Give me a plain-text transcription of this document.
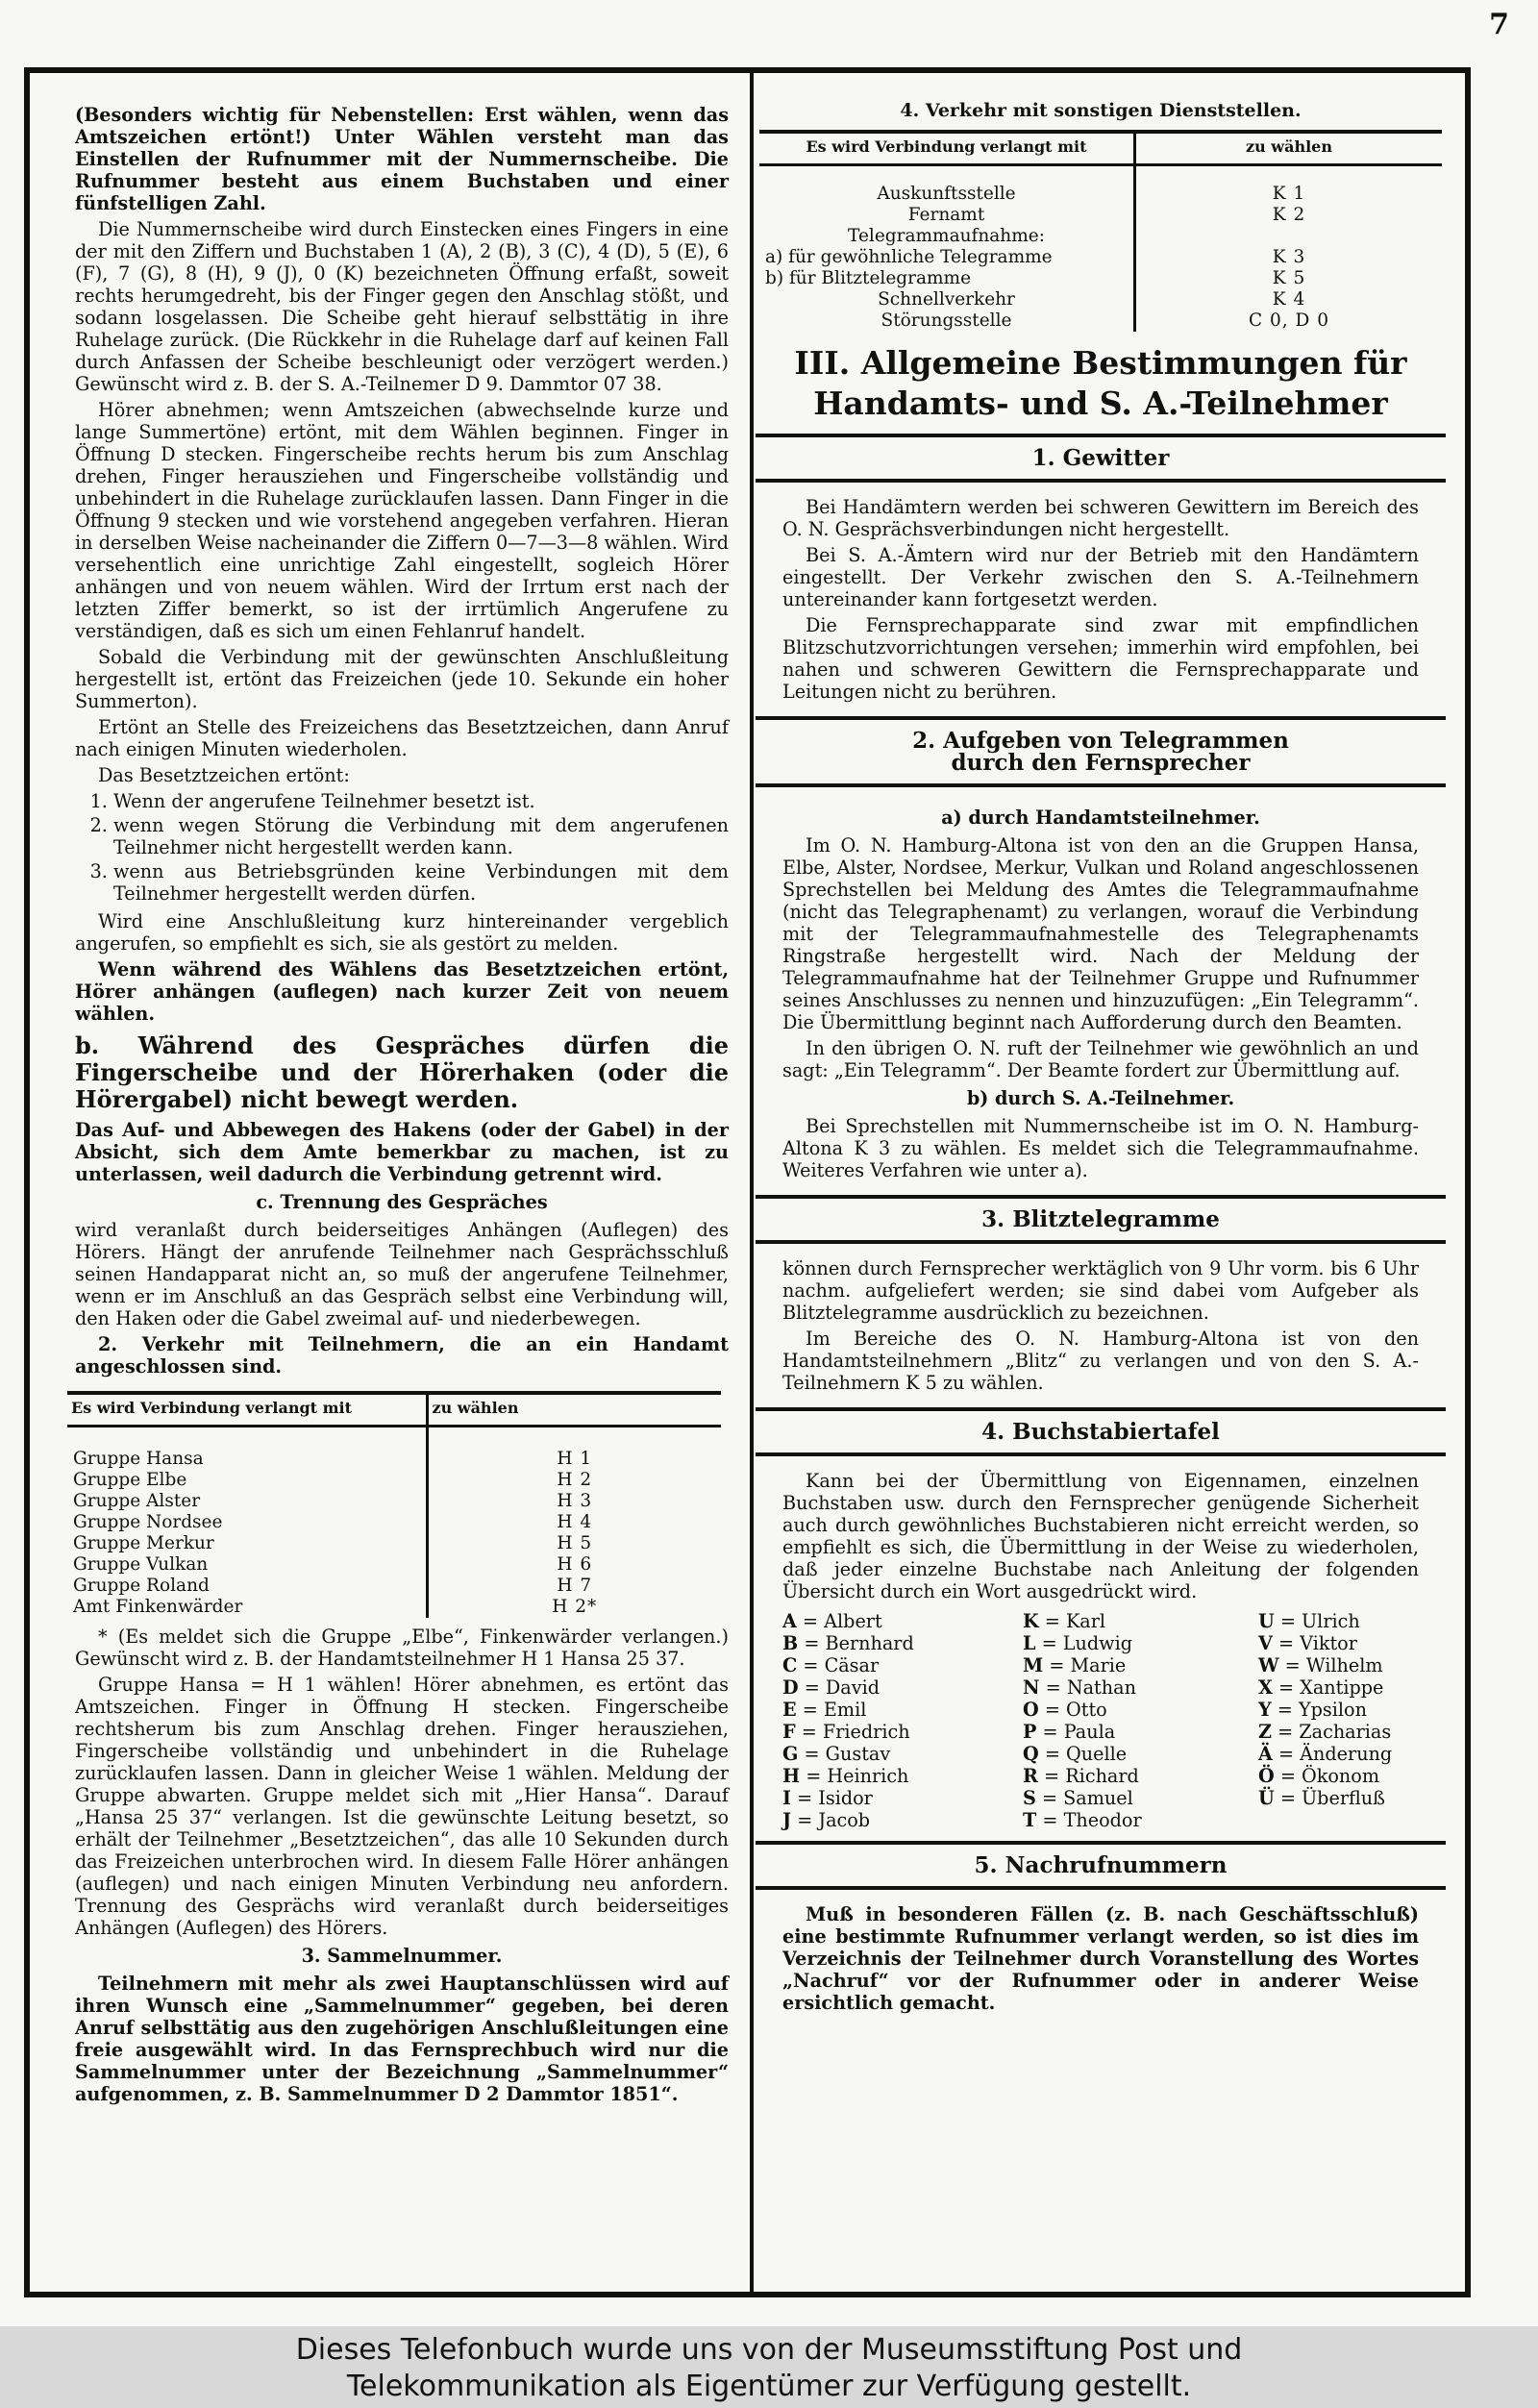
7

(Besonders wichtig für Nebenstellen: Erst wählen, wenn das Amtszeichen ertönt!) Unter Wählen versteht man das Einstellen der Rufnummer mit der Nummernscheibe. Die Rufnummer besteht aus einem Buchstaben und einer fünfstelligen Zahl.

Die Nummernscheibe wird durch Einstecken eines Fingers in eine der mit den Ziffern und Buchstaben 1 (A), 2 (B), 3 (C), 4 (D), 5 (E), 6 (F), 7 (G), 8 (H), 9 (J), 0 (K) bezeichneten Öffnung erfaßt, soweit rechts herumgedreht, bis der Finger gegen den Anschlag stößt, und sodann losgelassen. Die Scheibe geht hierauf selbsttätig in ihre Ruhelage zurück. (Die Rückkehr in die Ruhelage darf auf keinen Fall durch Anfassen der Scheibe beschleunigt oder verzögert werden.) Gewünscht wird z. B. der S. A.-Teilnemer D 9. Dammtor 07 38.

Hörer abnehmen; wenn Amtszeichen (abwechselnde kurze und lange Summertöne) ertönt, mit dem Wählen beginnen. Finger in Öffnung D stecken. Fingerscheibe rechts herum bis zum Anschlag drehen, Finger herausziehen und Fingerscheibe vollständig und unbehindert in die Ruhelage zurücklaufen lassen. Dann Finger in die Öffnung 9 stecken und wie vorstehend angegeben verfahren. Hieran in derselben Weise nacheinander die Ziffern 0—7—3—8 wählen. Wird versehentlich eine unrichtige Zahl eingestellt, sogleich Hörer anhängen und von neuem wählen. Wird der Irrtum erst nach der letzten Ziffer bemerkt, so ist der irrtümlich Angerufene zu verständigen, daß es sich um einen Fehlanruf handelt.

Sobald die Verbindung mit der gewünschten Anschlußleitung hergestellt ist, ertönt das Freizeichen (jede 10. Sekunde ein hoher Summerton).

Ertönt an Stelle des Freizeichens das Besetztzeichen, dann Anruf nach einigen Minuten wiederholen.

Das Besetztzeichen ertönt:

1. Wenn der angerufene Teilnehmer besetzt ist.
2. wenn wegen Störung die Verbindung mit dem angerufenen Teilnehmer nicht hergestellt werden kann.
3. wenn aus Betriebsgründen keine Verbindungen mit dem Teilnehmer hergestellt werden dürfen.

Wird eine Anschlußleitung kurz hintereinander vergeblich angerufen, so empfiehlt es sich, sie als gestört zu melden.

Wenn während des Wählens das Besetztzeichen ertönt, Hörer anhängen (auflegen) nach kurzer Zeit von neuem wählen.

b. Während des Gespräches dürfen die Fingerscheibe und der Hörerhaken (oder die Hörergabel) nicht bewegt werden.

Das Auf- und Abbewegen des Hakens (oder der Gabel) in der Absicht, sich dem Amte bemerkbar zu machen, ist zu unterlassen, weil dadurch die Verbindung getrennt wird.

c. Trennung des Gespräches

wird veranlaßt durch beiderseitiges Anhängen (Auflegen) des Hörers. Hängt der anrufende Teilnehmer nach Gesprächsschluß seinen Handapparat nicht an, so muß der angerufene Teilnehmer, wenn er im Anschluß an das Gespräch selbst eine Verbindung will, den Haken oder die Gabel zweimal auf- und niederbewegen.

2. Verkehr mit Teilnehmern, die an ein Handamt angeschlossen sind.

Es wird Verbindung verlangt mit	zu wählen

Gruppe Hansa	H 1
Gruppe Elbe	H 2
Gruppe Alster	H 3
Gruppe Nordsee	H 4
Gruppe Merkur	H 5
Gruppe Vulkan	H 6
Gruppe Roland	H 7
Amt Finkenwärder	H 2*

* (Es meldet sich die Gruppe „Elbe“, Finkenwärder verlangen.) Gewünscht wird z. B. der Handamtsteilnehmer H 1 Hansa 25 37.

Gruppe Hansa = H 1 wählen! Hörer abnehmen, es ertönt das Amtszeichen. Finger in Öffnung H stecken. Fingerscheibe rechtsherum bis zum Anschlag drehen. Finger herausziehen, Fingerscheibe vollständig und unbehindert in die Ruhelage zurücklaufen lassen. Dann in gleicher Weise 1 wählen. Meldung der Gruppe abwarten. Gruppe meldet sich mit „Hier Hansa“. Darauf „Hansa 25 37“ verlangen. Ist die gewünschte Leitung besetzt, so erhält der Teilnehmer „Besetztzeichen“, das alle 10 Sekunden durch das Freizeichen unterbrochen wird. In diesem Falle Hörer anhängen (auflegen) und nach einigen Minuten Verbindung neu anfordern. Trennung des Gesprächs wird veranlaßt durch beiderseitiges Anhängen (Auflegen) des Hörers.

3. Sammelnummer.

Teilnehmern mit mehr als zwei Hauptanschlüssen wird auf ihren Wunsch eine „Sammelnummer“ gegeben, bei deren Anruf selbsttätig aus den zugehörigen Anschlußleitungen eine freie ausgewählt wird. In das Fernsprechbuch wird nur die Sammelnummer unter der Bezeichnung „Sammelnummer“ aufgenommen, z. B. Sammelnummer D 2 Dammtor 1851“.

4. Verkehr mit sonstigen Dienststellen.
Es wird Verbindung verlangt mit	zu wählen

Auskunftsstelle	K 1
Fernamt	K 2
Telegrammaufnahme:	
a) für gewöhnliche Telegramme	K 3
b) für Blitztelegramme	K 5
Schnellverkehr	K 4
Störungsstelle	C 0, D 0
III. Allgemeine Bestimmungen für
Handamts- und S. A.-Teilnehmer
1. Gewitter

Bei Handämtern werden bei schweren Gewittern im Bereich des O. N. Gesprächsverbindungen nicht hergestellt.

Bei S. A.-Ämtern wird nur der Betrieb mit den Handämtern eingestellt. Der Verkehr zwischen den S. A.-Teilnehmern untereinander kann fortgesetzt werden.

Die Fernsprechapparate sind zwar mit empfindlichen Blitzschutzvorrichtungen versehen; immerhin wird empfohlen, bei nahen und schweren Gewittern die Fernsprechapparate und Leitungen nicht zu berühren.

2. Aufgeben von Telegrammen
durch den Fernsprecher

a) durch Handamtsteilnehmer.

Im O. N. Hamburg-Altona ist von den an die Gruppen Hansa, Elbe, Alster, Nordsee, Merkur, Vulkan und Roland angeschlossenen Sprechstellen bei Meldung des Amtes die Telegrammaufnahme (nicht das Telegraphenamt) zu verlangen, worauf die Verbindung mit der Telegrammaufnahmestelle des Telegraphenamts Ringstraße hergestellt wird. Nach der Meldung der Telegrammaufnahme hat der Teilnehmer Gruppe und Rufnummer seines Anschlusses zu nennen und hinzuzufügen: „Ein Telegramm“. Die Übermittlung beginnt nach Aufforderung durch den Beamten.

In den übrigen O. N. ruft der Teilnehmer wie gewöhnlich an und sagt: „Ein Telegramm“. Der Beamte fordert zur Übermittlung auf.

b) durch S. A.-Teilnehmer.

Bei Sprechstellen mit Nummernscheibe ist im O. N. Hamburg-Altona K 3 zu wählen. Es meldet sich die Telegrammaufnahme. Weiteres Verfahren wie unter a).

3. Blitztelegramme

können durch Fernsprecher werktäglich von 9 Uhr vorm. bis 6 Uhr nachm. aufgeliefert werden; sie sind dabei vom Aufgeber als Blitztelegramme ausdrücklich zu bezeichnen.

Im Bereiche des O. N. Hamburg-Altona ist von den Handamtsteilnehmern „Blitz“ zu verlangen und von den S. A.-Teilnehmern K 5 zu wählen.

4. Buchstabiertafel

Kann bei der Übermittlung von Eigennamen, einzelnen Buchstaben usw. durch den Fernsprecher genügende Sicherheit auch durch gewöhnliches Buchstabieren nicht erreicht werden, so empfiehlt es sich, die Übermittlung in der Weise zu wiederholen, daß jeder einzelne Buchstabe nach Anleitung der folgenden Übersicht durch ein Wort ausgedrückt wird.

A = Albert	K = Karl	U = Ulrich
B = Bernhard	L = Ludwig	V = Viktor
C = Cäsar	M = Marie	W = Wilhelm
D = David	N = Nathan	X = Xantippe
E = Emil	O = Otto	Y = Ypsilon
F = Friedrich	P = Paula	Z = Zacharias
G = Gustav	Q = Quelle	Ä = Änderung
H = Heinrich	R = Richard	Ö = Ökonom
I = Isidor	S = Samuel	Ü = Überfluß
J = Jacob	T = Theodor
5. Nachrufnummern

Muß in besonderen Fällen (z. B. nach Geschäftsschluß) eine bestimmte Rufnummer verlangt werden, so ist dies im Verzeichnis der Teilnehmer durch Voranstellung des Wortes „Nachruf“ vor der Rufnummer oder in anderer Weise ersichtlich gemacht.

Dieses Telefonbuch wurde uns von der Museumsstiftung Post und
Telekommunikation als Eigentümer zur Verfügung gestellt.
